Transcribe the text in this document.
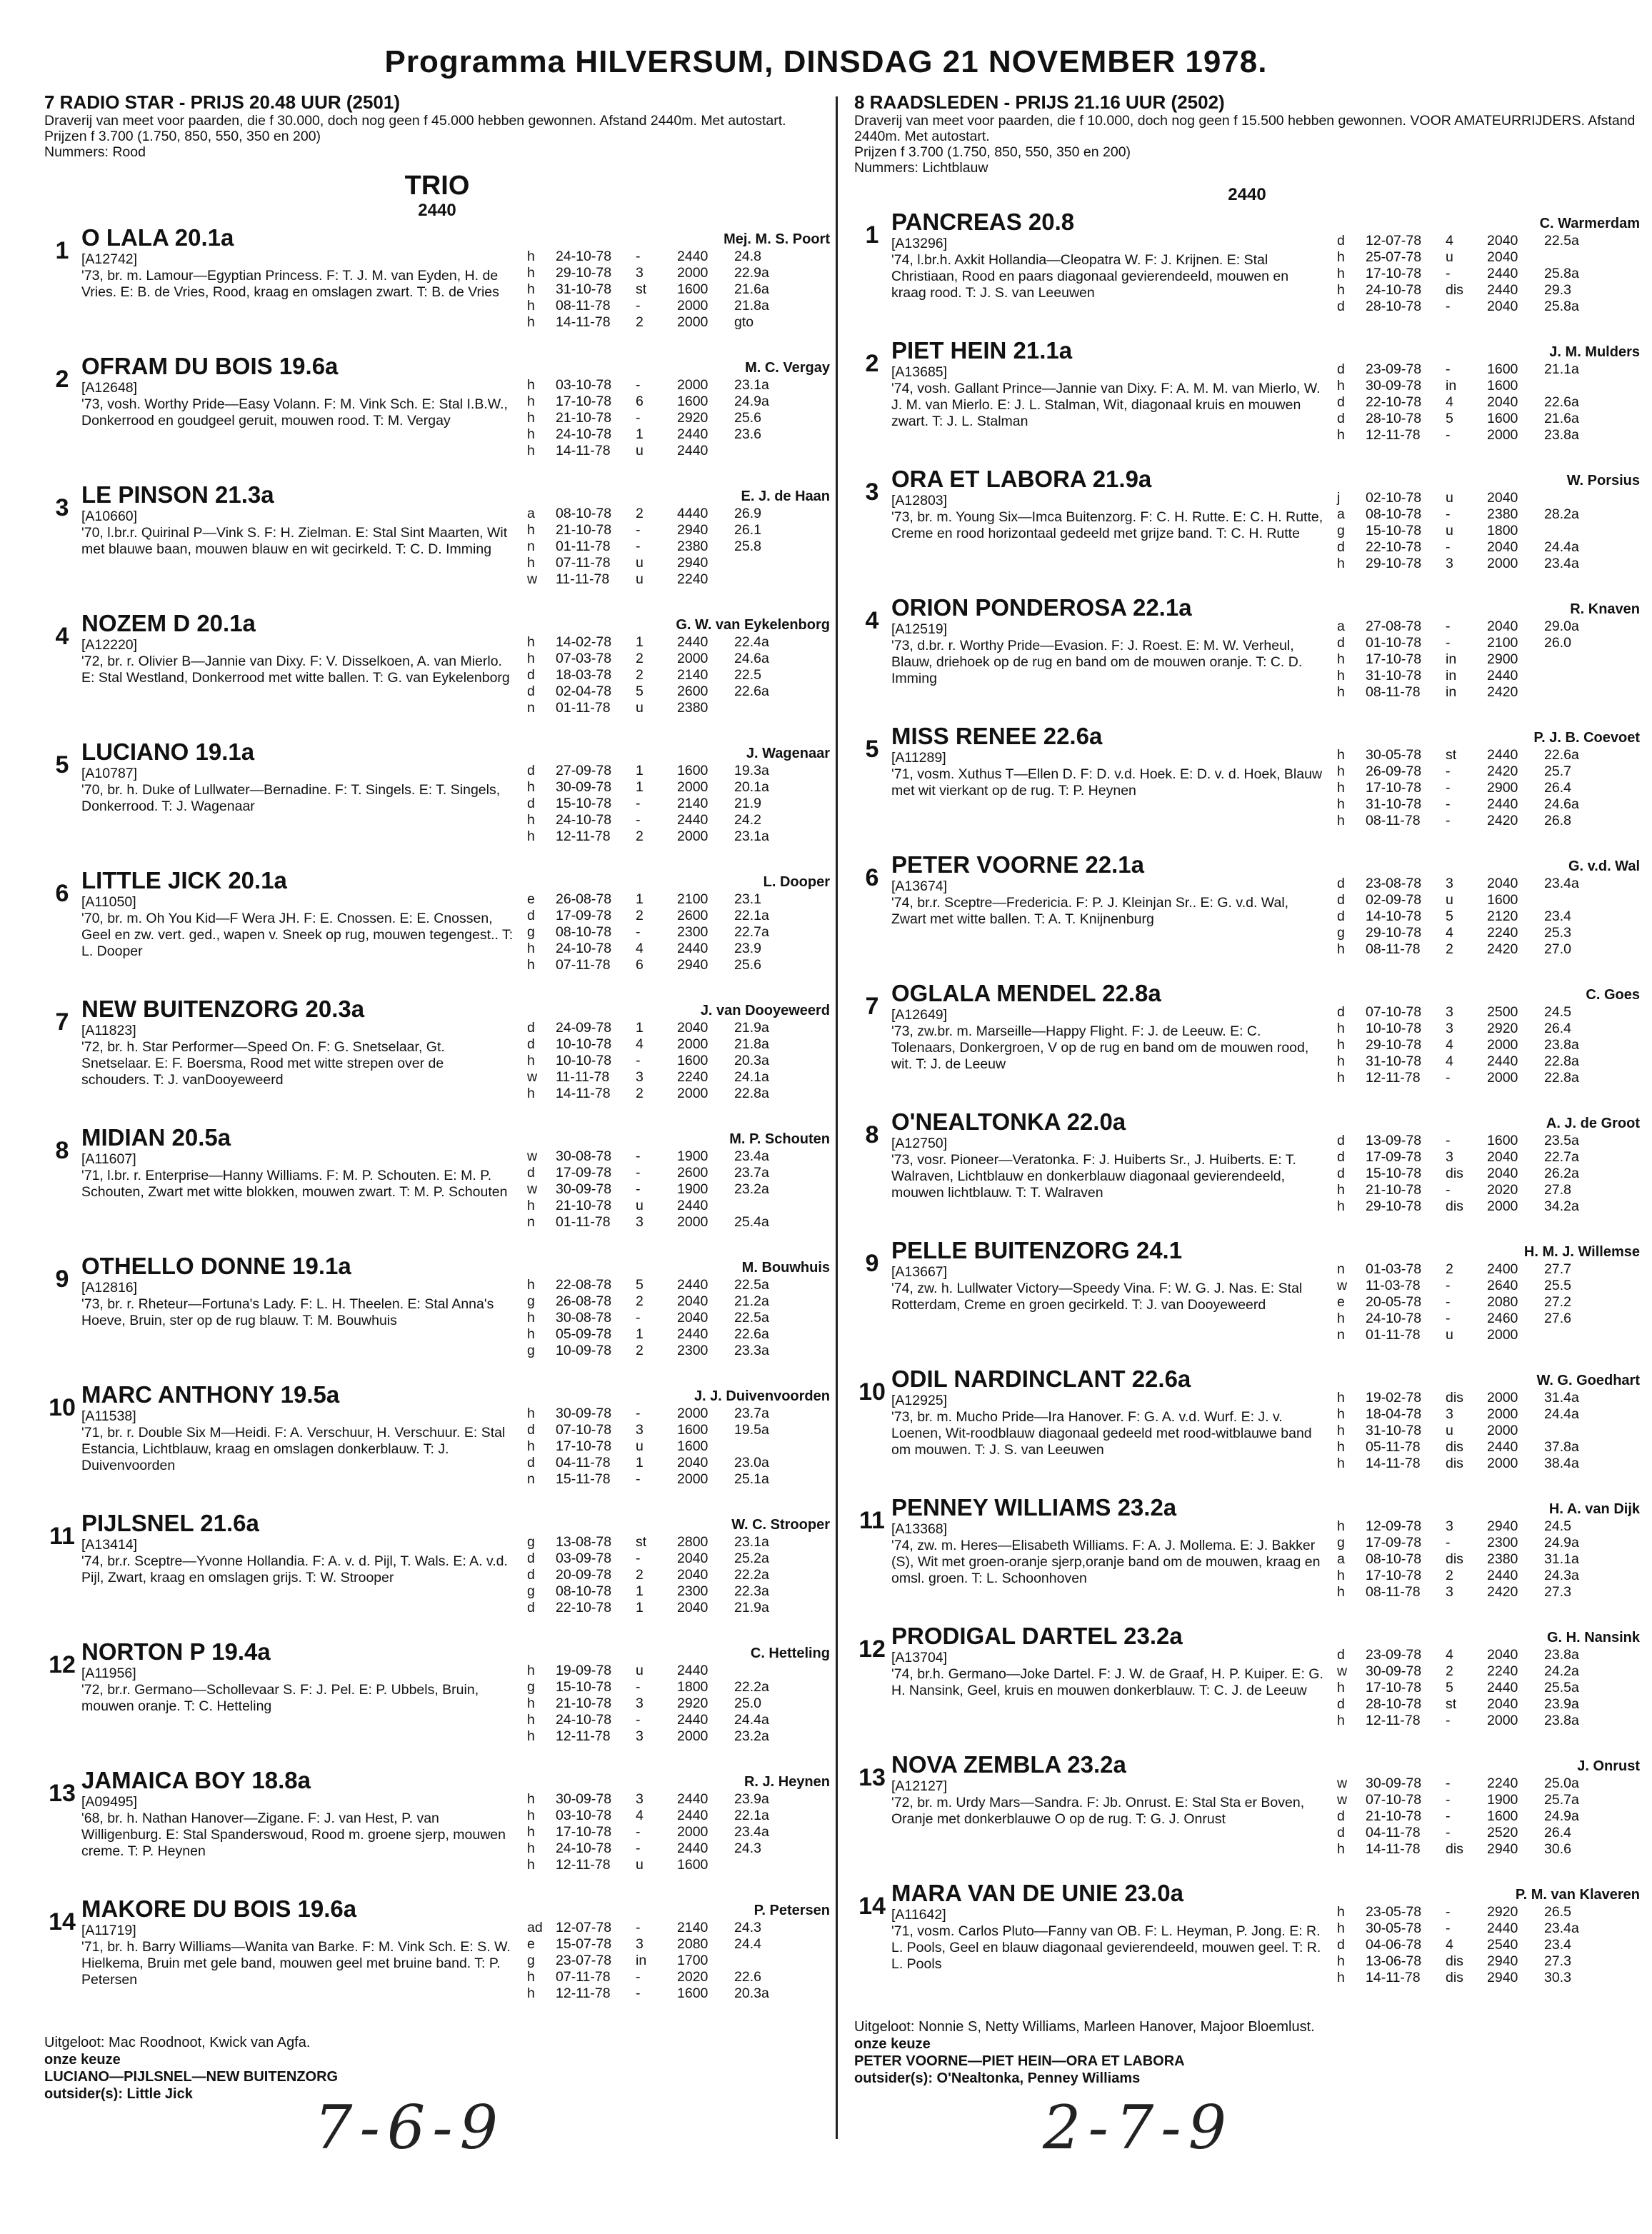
Programma HILVERSUM, DINSDAG 21 NOVEMBER 1978.
7 RADIO STAR - PRIJS 20.48 UUR (2501)
Draverij van meet voor paarden, die f 30.000, doch nog geen f 45.000 hebben gewonnen. Afstand 2440m. Met autostart.
Prijzen f 3.700 (1.750, 850, 550, 350 en 200)
Nummers: Rood
TRIO
2440
1 O LALA 20.1a	Mej. M. S. Poort
[A12742]
'73, br. m. Lamour—Egyptian Princess. F: T. J. M. van Eyden, H. de Vries. E: B. de Vries, Rood, kraag en omslagen zwart. T: B. de Vries
h	24-10-78	-	2440	24.8
h	29-10-78	3	2000	22.9a
h	31-10-78	st	1600	21.6a
h	08-11-78	-	2000	21.8a
h	14-11-78	2	2000	gto
2 OFRAM DU BOIS 19.6a	M. C. Vergay
[A12648]
'73, vosh. Worthy Pride—Easy Volann. F: M. Vink Sch. E: Stal I.B.W., Donkerrood en goudgeel geruit, mouwen rood. T: M. Vergay
h	03-10-78	-	2000	23.1a
h	17-10-78	6	1600	24.9a
h	21-10-78	-	2920	25.6
h	24-10-78	1	2440	23.6
h	14-11-78	u	2440	
3 LE PINSON 21.3a	E. J. de Haan
[A10660]
'70, l.br.r. Quirinal P—Vink S. F: H. Zielman. E: Stal Sint Maarten, Wit met blauwe baan, mouwen blauw en wit gecirkeld. T: C. D. Imming
a	08-10-78	2	4440	26.9
h	21-10-78	-	2940	26.1
n	01-11-78	-	2380	25.8
h	07-11-78	u	2940	
w	11-11-78	u	2240	
4 NOZEM D 20.1a	G. W. van Eykelenborg
[A12220]
'72, br. r. Olivier B—Jannie van Dixy. F: V. Disselkoen, A. van Mierlo. E: Stal Westland, Donkerrood met witte ballen. T: G. van Eykelenborg
h	14-02-78	1	2440	22.4a
h	07-03-78	2	2000	24.6a
d	18-03-78	2	2140	22.5
d	02-04-78	5	2600	22.6a
n	01-11-78	u	2380	
5 LUCIANO 19.1a	J. Wagenaar
[A10787]
'70, br. h. Duke of Lullwater—Bernadine. F: T. Singels. E: T. Singels, Donkerrood. T: J. Wagenaar
d	27-09-78	1	1600	19.3a
h	30-09-78	1	2000	20.1a
d	15-10-78	-	2140	21.9
h	24-10-78	-	2440	24.2
h	12-11-78	2	2000	23.1a
6 LITTLE JICK 20.1a	L. Dooper
[A11050]
'70, br. m. Oh You Kid—F Wera JH. F: E. Cnossen. E: E. Cnossen, Geel en zw. vert. ged., wapen v. Sneek op rug, mouwen tegengest.. T: L. Dooper
e	26-08-78	1	2100	23.1
d	17-09-78	2	2600	22.1a
g	08-10-78	-	2300	22.7a
h	24-10-78	4	2440	23.9
h	07-11-78	6	2940	25.6
7 NEW BUITENZORG 20.3a	J. van Dooyeweerd
[A11823]
'72, br. h. Star Performer—Speed On. F: G. Snetselaar, Gt. Snetselaar. E: F. Boersma, Rood met witte strepen over de schouders. T: J. vanDooyeweerd
d	24-09-78	1	2040	21.9a
d	10-10-78	4	2000	21.8a
h	10-10-78	-	1600	20.3a
w	11-11-78	3	2240	24.1a
h	14-11-78	2	2000	22.8a
8 MIDIAN 20.5a	M. P. Schouten
[A11607]
'71, l.br. r. Enterprise—Hanny Williams. F: M. P. Schouten. E: M. P. Schouten, Zwart met witte blokken, mouwen zwart. T: M. P. Schouten
w	30-08-78	-	1900	23.4a
d	17-09-78	-	2600	23.7a
w	30-09-78	-	1900	23.2a
h	21-10-78	u	2440	
n	01-11-78	3	2000	25.4a
9 OTHELLO DONNE 19.1a	M. Bouwhuis
[A12816]
'73, br. r. Rheteur—Fortuna's Lady. F: L. H. Theelen. E: Stal Anna's Hoeve, Bruin, ster op de rug blauw. T: M. Bouwhuis
h	22-08-78	5	2440	22.5a
g	26-08-78	2	2040	21.2a
h	30-08-78	-	2040	22.5a
h	05-09-78	1	2440	22.6a
g	10-09-78	2	2300	23.3a
10 MARC ANTHONY 19.5a	J. J. Duivenvoorden
[A11538]
'71, br. r. Double Six M—Heidi. F: A. Verschuur, H. Verschuur. E: Stal Estancia, Lichtblauw, kraag en omslagen donkerblauw. T: J. Duivenvoorden
h	30-09-78	-	2000	23.7a
d	07-10-78	3	1600	19.5a
h	17-10-78	u	1600	
d	04-11-78	1	2040	23.0a
n	15-11-78	-	2000	25.1a
11 PIJLSNEL 21.6a	W. C. Strooper
[A13414]
'74, br.r. Sceptre—Yvonne Hollandia. F: A. v. d. Pijl, T. Wals. E: A. v.d. Pijl, Zwart, kraag en omslagen grijs. T: W. Strooper
g	13-08-78	st	2800	23.1a
d	03-09-78	-	2040	25.2a
d	20-09-78	2	2040	22.2a
g	08-10-78	1	2300	22.3a
d	22-10-78	1	2040	21.9a
12 NORTON P 19.4a	C. Hetteling
[A11956]
'72, br.r. Germano—Schollevaar S. F: J. Pel. E: P. Ubbels, Bruin, mouwen oranje. T: C. Hetteling
h	19-09-78	u	2440	
g	15-10-78	-	1800	22.2a
h	21-10-78	3	2920	25.0
h	24-10-78	-	2440	24.4a
h	12-11-78	3	2000	23.2a
13 JAMAICA BOY 18.8a	R. J. Heynen
[A09495]
'68, br. h. Nathan Hanover—Zigane. F: J. van Hest, P. van Willigenburg. E: Stal Spanderswoud, Rood m. groene sjerp, mouwen creme. T: P. Heynen
h	30-09-78	3	2440	23.9a
h	03-10-78	4	2440	22.1a
h	17-10-78	-	2000	23.4a
h	24-10-78	-	2440	24.3
h	12-11-78	u	1600	
14 MAKORE DU BOIS 19.6a	P. Petersen
[A11719]
'71, br. h. Barry Williams—Wanita van Barke. F: M. Vink Sch. E: S. W. Hielkema, Bruin met gele band, mouwen geel met bruine band. T: P. Petersen
ad	12-07-78	-	2140	24.3
e	15-07-78	3	2080	24.4
g	23-07-78	in	1700	
h	07-11-78	-	2020	22.6
h	12-11-78	-	1600	20.3a
Uitgeloot: Mac Roodnoot, Kwick van Agfa.
onze keuze
LUCIANO—PIJLSNEL—NEW BUITENZORG
outsider(s): Little Jick
8 RAADSLEDEN - PRIJS 21.16 UUR (2502)
Draverij van meet voor paarden, die f 10.000, doch nog geen f 15.500 hebben gewonnen. VOOR AMATEURRIJDERS. Afstand 2440m. Met autostart.
Prijzen f 3.700 (1.750, 850, 550, 350 en 200)
Nummers: Lichtblauw
2440
1 PANCREAS 20.8	C. Warmerdam
[A13296]
'74, l.br.h. Axkit Hollandia—Cleopatra W. F: J. Krijnen. E: Stal Christiaan, Rood en paars diagonaal gevierendeeld, mouwen en kraag rood. T: J. S. van Leeuwen
d	12-07-78	4	2040	22.5a
h	25-07-78	u	2040	
h	17-10-78	-	2440	25.8a
h	24-10-78	dis	2440	29.3
d	28-10-78	-	2040	25.8a
2 PIET HEIN 21.1a	J. M. Mulders
[A13685]
'74, vosh. Gallant Prince—Jannie van Dixy. F: A. M. M. van Mierlo, W. J. M. van Mierlo. E: J. L. Stalman, Wit, diagonaal kruis en mouwen zwart. T: J. L. Stalman
d	23-09-78	-	1600	21.1a
h	30-09-78	in	1600	
d	22-10-78	4	2040	22.6a
d	28-10-78	5	1600	21.6a
h	12-11-78	-	2000	23.8a
3 ORA ET LABORA 21.9a	W. Porsius
[A12803]
'73, br. m. Young Six—Imca Buitenzorg. F: C. H. Rutte. E: C. H. Rutte, Creme en rood horizontaal gedeeld met grijze band. T: C. H. Rutte
j	02-10-78	u	2040	
a	08-10-78	-	2380	28.2a
g	15-10-78	u	1800	
d	22-10-78	-	2040	24.4a
h	29-10-78	3	2000	23.4a
4 ORION PONDEROSA 22.1a	R. Knaven
[A12519]
'73, d.br. r. Worthy Pride—Evasion. F: J. Roest. E: M. W. Verheul, Blauw, driehoek op de rug en band om de mouwen oranje. T: C. D. Imming
a	27-08-78	-	2040	29.0a
d	01-10-78	-	2100	26.0
h	17-10-78	in	2900	
h	31-10-78	in	2440	
h	08-11-78	in	2420	
5 MISS RENEE 22.6a	P. J. B. Coevoet
[A11289]
'71, vosm. Xuthus T—Ellen D. F: D. v.d. Hoek. E: D. v. d. Hoek, Blauw met wit vierkant op de rug. T: P. Heynen
h	30-05-78	st	2440	22.6a
h	26-09-78	-	2420	25.7
h	17-10-78	-	2900	26.4
h	31-10-78	-	2440	24.6a
h	08-11-78	-	2420	26.8
6 PETER VOORNE 22.1a	G. v.d. Wal
[A13674]
'74, br.r. Sceptre—Fredericia. F: P. J. Kleinjan Sr.. E: G. v.d. Wal, Zwart met witte ballen. T: A. T. Knijnenburg
d	23-08-78	3	2040	23.4a
d	02-09-78	u	1600	
d	14-10-78	5	2120	23.4
g	29-10-78	4	2240	25.3
h	08-11-78	2	2420	27.0
7 OGLALA MENDEL 22.8a	C. Goes
[A12649]
'73, zw.br. m. Marseille—Happy Flight. F: J. de Leeuw. E: C. Tolenaars, Donkergroen, V op de rug en band om de mouwen rood, wit. T: J. de Leeuw
d	07-10-78	3	2500	24.5
h	10-10-78	3	2920	26.4
h	29-10-78	4	2000	23.8a
h	31-10-78	4	2440	22.8a
h	12-11-78	-	2000	22.8a
8 O'NEALTONKA 22.0a	A. J. de Groot
[A12750]
'73, vosr. Pioneer—Veratonka. F: J. Huiberts Sr., J. Huiberts. E: T. Walraven, Lichtblauw en donkerblauw diagonaal gevierendeeld, mouwen lichtblauw. T: T. Walraven
d	13-09-78	-	1600	23.5a
d	17-09-78	3	2040	22.7a
d	15-10-78	dis	2040	26.2a
h	21-10-78	-	2020	27.8
h	29-10-78	dis	2000	34.2a
9 PELLE BUITENZORG 24.1	H. M. J. Willemse
[A13667]
'74, zw. h. Lullwater Victory—Speedy Vina. F: W. G. J. Nas. E: Stal Rotterdam, Creme en groen gecirkeld. T: J. van Dooyeweerd
n	01-03-78	2	2400	27.7
w	11-03-78	-	2640	25.5
e	20-05-78	-	2080	27.2
h	24-10-78	-	2460	27.6
n	01-11-78	u	2000	
10 ODIL NARDINCLANT 22.6a	W. G. Goedhart
[A12925]
'73, br. m. Mucho Pride—Ira Hanover. F: G. A. v.d. Wurf. E: J. v. Loenen, Wit-roodblauw diagonaal gedeeld met rood-witblauwe band om mouwen. T: J. S. van Leeuwen
h	19-02-78	dis	2000	31.4a
h	18-04-78	3	2000	24.4a
h	31-10-78	u	2000	
h	05-11-78	dis	2440	37.8a
h	14-11-78	dis	2000	38.4a
11 PENNEY WILLIAMS 23.2a	H. A. van Dijk
[A13368]
'74, zw. m. Heres—Elisabeth Williams. F: A. J. Mollema. E: J. Bakker (S), Wit met groen-oranje sjerp,oranje band om de mouwen, kraag en omsl. groen. T: L. Schoonhoven
h	12-09-78	3	2940	24.5
g	17-09-78	-	2300	24.9a
a	08-10-78	dis	2380	31.1a
h	17-10-78	2	2440	24.3a
h	08-11-78	3	2420	27.3
12 PRODIGAL DARTEL 23.2a	G. H. Nansink
[A13704]
'74, br.h. Germano—Joke Dartel. F: J. W. de Graaf, H. P. Kuiper. E: G. H. Nansink, Geel, kruis en mouwen donkerblauw. T: C. J. de Leeuw
d	23-09-78	4	2040	23.8a
w	30-09-78	2	2240	24.2a
h	17-10-78	5	2440	25.5a
d	28-10-78	st	2040	23.9a
h	12-11-78	-	2000	23.8a
13 NOVA ZEMBLA 23.2a	J. Onrust
[A12127]
'72, br. m. Urdy Mars—Sandra. F: Jb. Onrust. E: Stal Sta er Boven, Oranje met donkerblauwe O op de rug. T: G. J. Onrust
w	30-09-78	-	2240	25.0a
w	07-10-78	-	1900	25.7a
d	21-10-78	-	1600	24.9a
d	04-11-78	-	2520	26.4
h	14-11-78	dis	2940	30.6
14 MARA VAN DE UNIE 23.0a	P. M. van Klaveren
[A11642]
'71, vosm. Carlos Pluto—Fanny van OB. F: L. Heyman, P. Jong. E: R. L. Pools, Geel en blauw diagonaal gevierendeeld, mouwen geel. T: R. L. Pools
h	23-05-78	-	2920	26.5
h	30-05-78	-	2440	23.4a
d	04-06-78	4	2540	23.4
h	13-06-78	dis	2940	27.3
h	14-11-78	dis	2940	30.3
Uitgeloot: Nonnie S, Netty Williams, Marleen Hanover, Majoor Bloemlust.
onze keuze
PETER VOORNE—PIET HEIN—ORA ET LABORA
outsider(s): O'Nealtonka, Penney Williams
7-6-9	2-7-9
